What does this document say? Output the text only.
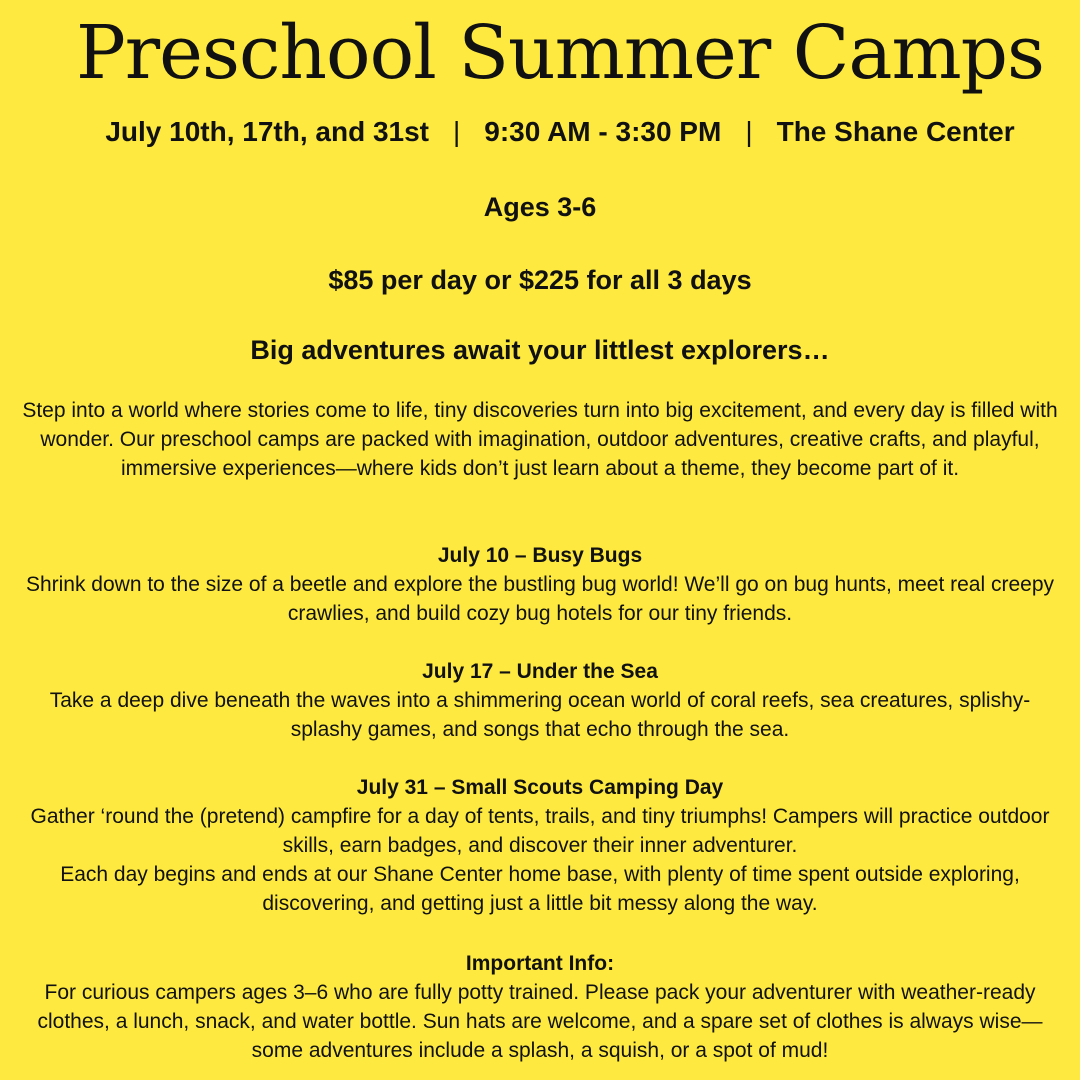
Preschool Summer Camps
July 10th, 17th, and 31st | 9:30 AM - 3:30 PM | The Shane Center
Ages 3-6
$85 per day or $225 for all 3 days
Big adventures await your littlest explorers…

Step into a world where stories come to life, tiny discoveries turn into big excitement, and every day is filled with wonder. Our preschool camps are packed with imagination, outdoor adventures, creative crafts, and playful, immersive experiences—where kids don’t just learn about a theme, they become part of it.

July 10 – Busy Bugs

Shrink down to the size of a beetle and explore the bustling bug world! We’ll go on bug hunts, meet real creepy crawlies, and build cozy bug hotels for our tiny friends.

July 17 – Under the Sea

Take a deep dive beneath the waves into a shimmering ocean world of coral reefs, sea creatures, splishy-splashy games, and songs that echo through the sea.

July 31 – Small Scouts Camping Day

Gather ‘round the (pretend) campfire for a day of tents, trails, and tiny triumphs! Campers will practice outdoor skills, earn badges, and discover their inner adventurer.

Each day begins and ends at our Shane Center home base, with plenty of time spent outside exploring, discovering, and getting just a little bit messy along the way.

Important Info:

For curious campers ages 3–6 who are fully potty trained. Please pack your adventurer with weather-ready clothes, a lunch, snack, and water bottle. Sun hats are welcome, and a spare set of clothes is always wise—some adventures include a splash, a squish, or a spot of mud!
